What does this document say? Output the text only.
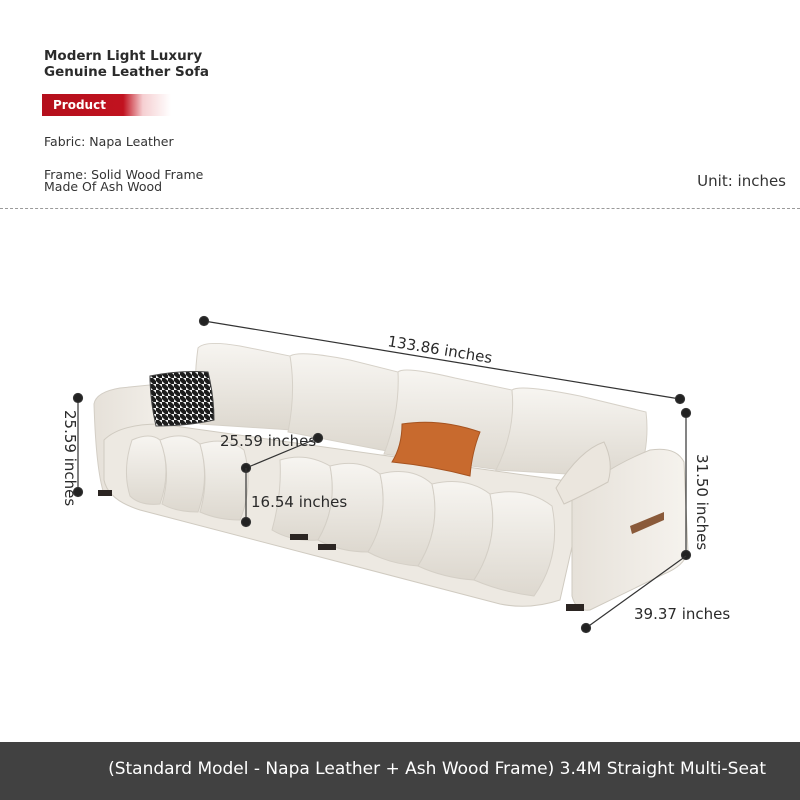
Modern Light Luxury Genuine Leather Sofa
Product Introduction
Fabric: Napa Leather
Frame: Solid Wood Frame Made Of Ash Wood	Unit: inches
133.86 inches
25.59 inches
16.54 inches
25.59 inches	31.50 inches
39.37 inches
(Standard Model - Napa Leather + Ash Wood Frame) 3.4M Straight Multi-Seat
